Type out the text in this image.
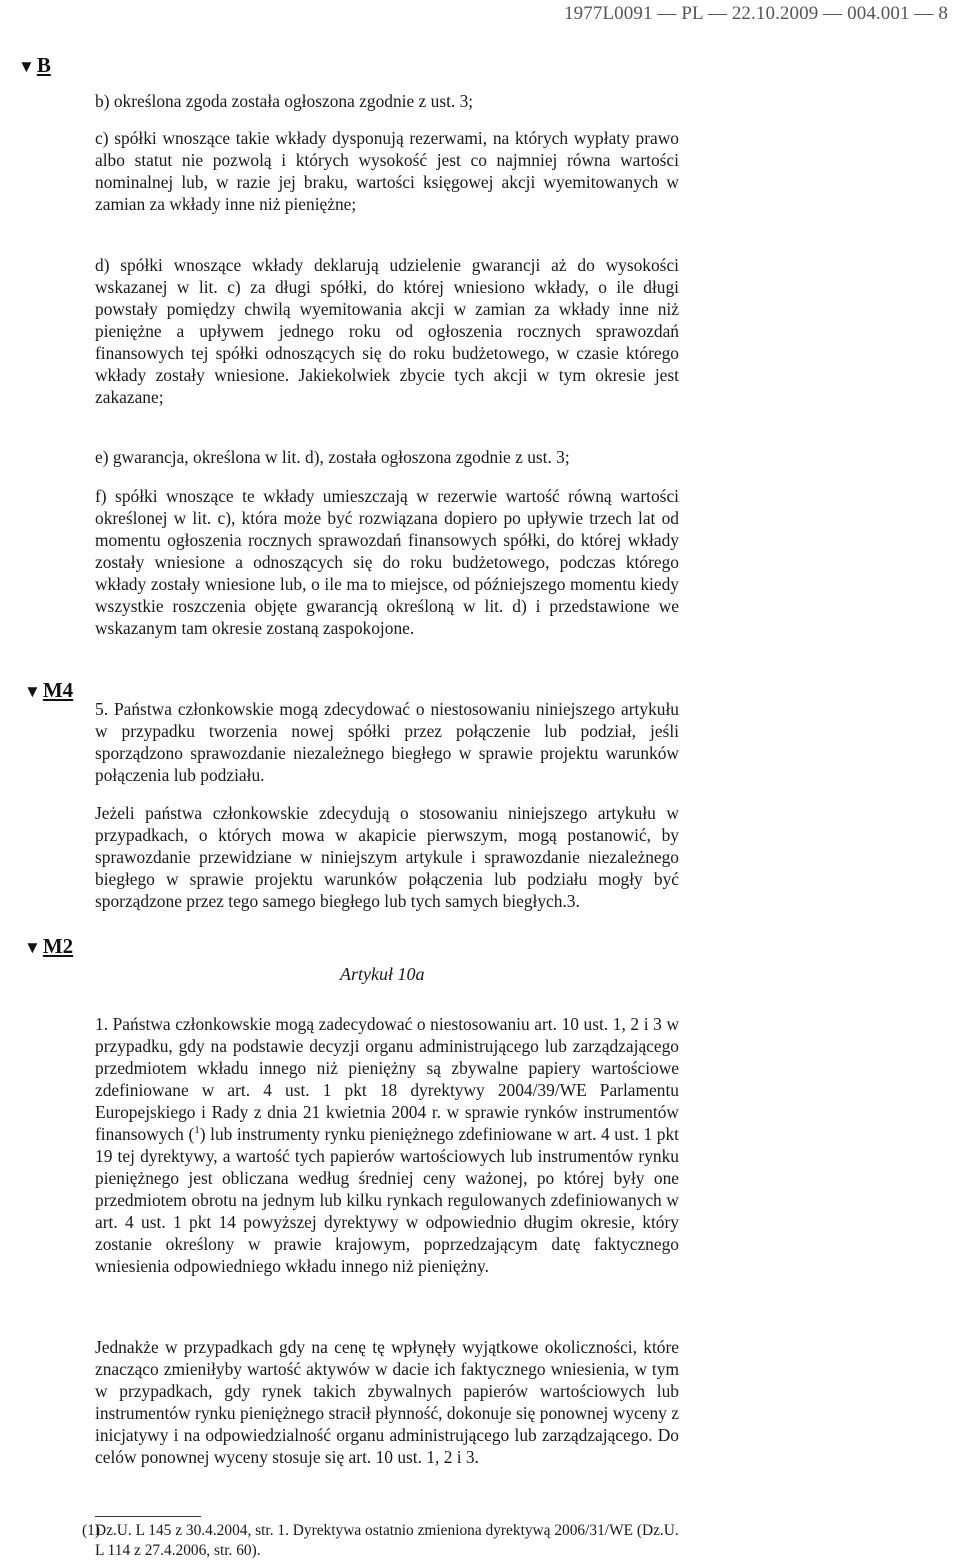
1977L0091 — PL — 22.10.2009 — 004.001 — 8
▼B
▼M4
▼M2

b) określona zgoda została ogłoszona zgodnie z ust. 3;

c) spółki wnoszące takie wkłady dysponują rezerwami, na których wypłaty prawo albo statut nie pozwolą i których wysokość jest co najmniej równa wartości nominalnej lub, w razie jej braku, wartości księgowej akcji wyemitowanych w zamian za wkłady inne niż pieniężne;

d) spółki wnoszące wkłady deklarują udzielenie gwarancji aż do wysokości wskazanej w lit. c) za długi spółki, do której wniesiono wkłady, o ile długi powstały pomiędzy chwilą wyemitowania akcji w zamian za wkłady inne niż pieniężne a upływem jednego roku od ogłoszenia rocznych sprawozdań finansowych tej spółki odnoszących się do roku budżetowego, w czasie którego wkłady zostały wniesione. Jakiekolwiek zbycie tych akcji w tym okresie jest zakazane;

e) gwarancja, określona w lit. d), została ogłoszona zgodnie z ust. 3;

f) spółki wnoszące te wkłady umieszczają w rezerwie wartość równą wartości określonej w lit. c), która może być rozwiązana dopiero po upływie trzech lat od momentu ogłoszenia rocznych sprawozdań finansowych spółki, do której wkłady zostały wniesione a odnoszących się do roku budżetowego, podczas którego wkłady zostały wniesione lub, o ile ma to miejsce, od późniejszego momentu kiedy wszystkie roszczenia objęte gwarancją określoną w lit. d) i przedstawione we wskazanym tam okresie zostaną zaspokojone.

5. Państwa członkowskie mogą zdecydować o niestosowaniu niniejszego artykułu w przypadku tworzenia nowej spółki przez połączenie lub podział, jeśli sporządzono sprawozdanie niezależnego biegłego w sprawie projektu warunków połączenia lub podziału.

Jeżeli państwa członkowskie zdecydują o stosowaniu niniejszego artykułu w przypadkach, o których mowa w akapicie pierwszym, mogą postanowić, by sprawozdanie przewidziane w niniejszym artykule i sprawozdanie niezależnego biegłego w sprawie projektu warunków połączenia lub podziału mogły być sporządzone przez tego samego biegłego lub tych samych biegłych.3.

Artykuł 10a

1. Państwa członkowskie mogą zadecydować o niestosowaniu art. 10 ust. 1, 2 i 3 w przypadku, gdy na podstawie decyzji organu administrującego lub zarządzającego przedmiotem wkładu innego niż pieniężny są zbywalne papiery wartościowe zdefiniowane w art. 4 ust. 1 pkt 18 dyrektywy 2004/39/WE Parlamentu Europejskiego i Rady z dnia 21 kwietnia 2004 r. w sprawie rynków instrumentów finansowych ($^1$) lub instrumenty rynku pieniężnego zdefiniowane w art. 4 ust. 1 pkt 19 tej dyrektywy, a wartość tych papierów wartościowych lub instrumentów rynku pieniężnego jest obliczana według średniej ceny ważonej, po której były one przedmiotem obrotu na jednym lub kilku rynkach regulowanych zdefiniowanych w art. 4 ust. 1 pkt 14 powyższej dyrektywy w odpowiednio długim okresie, który zostanie określony w prawie krajowym, poprzedzającym datę faktycznego wniesienia odpowiedniego wkładu innego niż pieniężny.

Jednakże w przypadkach gdy na cenę tę wpłynęły wyjątkowe okoliczności, które znacząco zmieniłyby wartość aktywów w dacie ich faktycznego wniesienia, w tym w przypadkach, gdy rynek takich zbywalnych papierów wartościowych lub instrumentów rynku pieniężnego stracił płynność, dokonuje się ponownej wyceny z inicjatywy i na odpowiedzialność organu administrującego lub zarządzającego. Do celów ponownej wyceny stosuje się art. 10 ust. 1, 2 i 3.

(1)
Dz.U. L 145 z 30.4.2004, str. 1. Dyrektywa ostatnio zmieniona dyrektywą 2006/31/WE (Dz.U. L 114 z 27.4.2006, str. 60).
